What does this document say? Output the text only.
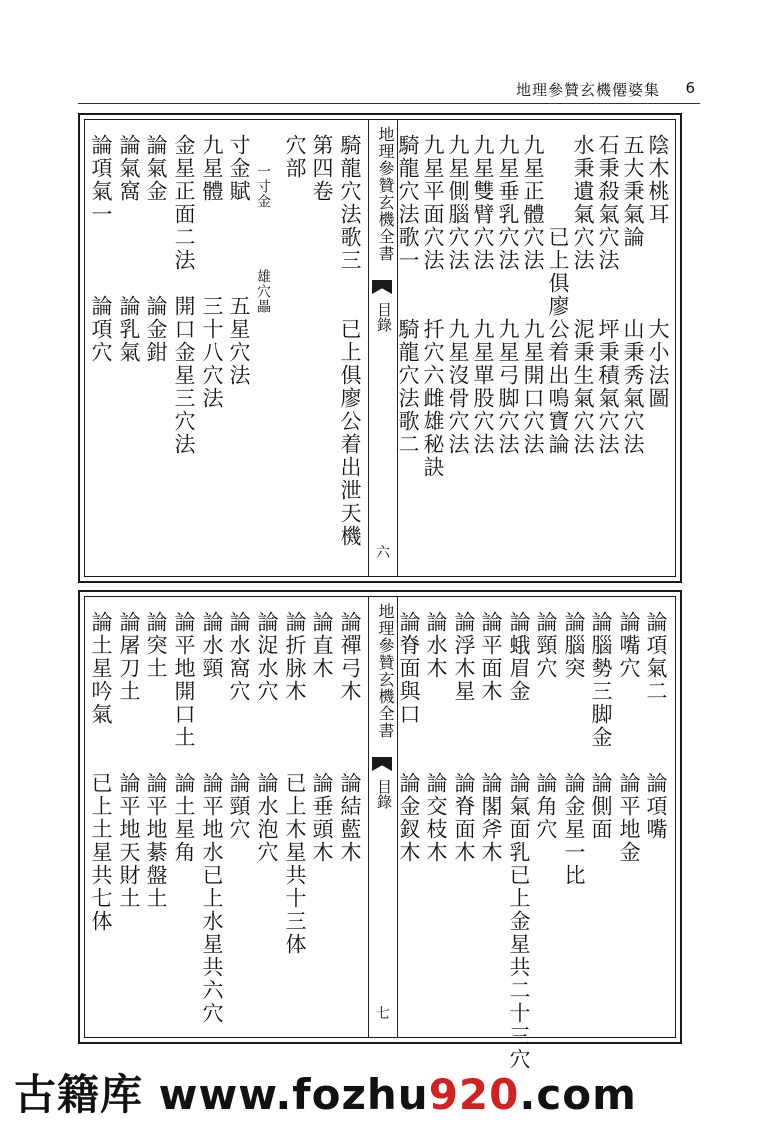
地理參贊玄機僊婆集 6
地理參贊玄機全書
目錄
六
陰木桃耳　　　　大小法圖
五大秉氣論　　　山秉秀氣穴法
石秉殺氣穴法　　坪秉積氣穴法
水秉遺氣穴法　　泥秉生氣穴法
　　　　已上俱廖公着出鳴寶論
九星正體穴法　　九星開口穴法
九星垂乳穴法　　九星弓脚穴法
九星雙臂穴法　　九星單股穴法
九星側腦穴法　　九星沒骨穴法
九星平面穴法　　扦穴六雌雄秘訣
騎龍穴法歌一　　騎龍穴法歌二
騎龍穴法歌三　　已上俱廖公着出泄天機
第四卷
穴部
　　一寸金　　　　雄穴畾
寸金賦　　　　五星穴法
九星體　　　　三十八穴法
金星正面二法　開口金星三穴法
論氣金　　　　論金鉗
論氣窩　　　　論乳氣
論項氣一　　　論項穴
地理參贊玄機全書
目錄
七
論項氣二　　　論項嘴
論嘴穴　　　　論平地金
論腦勢三脚金　論側面
論腦突　　　　論金星一比
論頸穴　　　　論角穴
論蛾眉金　　　論氣面乳已上金星共二十三穴
論平面木　　　論閣斧木
論浮木星　　　論脊面木
論水木　　　　論交枝木
論脊面與口　　論金釵木
論禪弓木　　　論結藍木
論直木　　　　論垂頭木
論折脉木　　　已上木星共十三体
論浞水穴　　　論水泡穴
論水窩穴　　　論頸穴
論水頸　　　　論平地水已上水星共六穴
論平地開口土　論土星角
論突土　　　　論平地綦盤土
論屠刀土　　　論平地天財土
論土星吟氣　　已上土星共七体
古籍库 www.fozhu920.com
